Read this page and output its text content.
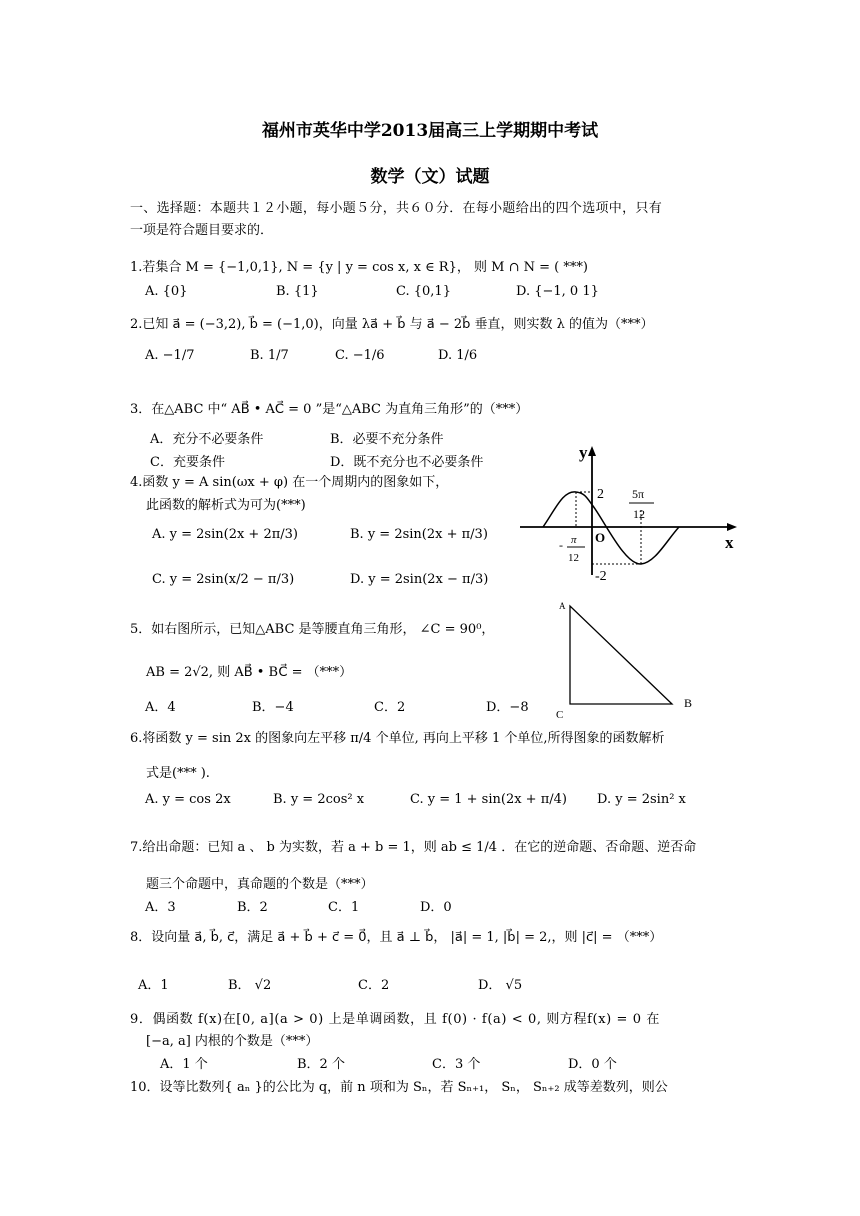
福州市英华中学2013届高三上学期期中考试
数学（文）试题
一、选择题：本题共１２小题，每小题５分，共６０分．在每小题给出的四个选项中，只有
一项是符合题目要求的．
1.若集合 M = {−1,0,1}, N = {y | y = cos x, x ∈ R}， 则 M ∩ N = ( ***)
A. {0}	B. {1}	C. {0,1}	D. {−1, 0 1}
2.已知 a⃗ = (−3,2), b⃗ = (−1,0)，向量 λa⃗ + b⃗ 与 a⃗ − 2b⃗ 垂直，则实数 λ 的值为（***）
A. −1/7	B. 1/7	C. −1/6	D. 1/6
3．在△ABC 中“ AB⃗ • AC⃗ = 0 ”是“△ABC 为直角三角形”的（***）
A．充分不必要条件	B．必要不充分条件
C．充要条件	D．既不充分也不必要条件
4.函数 y = A sin(ωx + φ) 在一个周期内的图象如下，
此函数的解析式为可为(***)
A. y = 2sin(2x + 2π/3)	B. y = 2sin(2x + π/3)
C. y = 2sin(x/2 − π/3)	D. y = 2sin(2x − π/3)
y
x
O
2
-2
5π
12
- π
12
5．如右图所示，已知△ABC 是等腰直角三角形， ∠C = 90⁰，
AB = 2√2, 则 AB⃗ • BC⃗ = （***）
A．4	B．−4	C．2	D．−8
A
B
C
6.将函数 y = sin 2x 的图象向左平移 π/4 个单位, 再向上平移 1 个单位,所得图象的函数解析
式是(*** ).
A. y = cos 2x	B. y = 2cos² x	C. y = 1 + sin(2x + π/4) D. y = 2sin² x
7.给出命题：已知 a 、 b 为实数，若 a + b = 1，则 ab ≤ 1/4 ．在它的逆命题、否命题、逆否命
题三个命题中，真命题的个数是（***）
A．3	B．2	C．1	D．0
8．设向量 a⃗, b⃗, c⃗，满足 a⃗ + b⃗ + c⃗ = 0⃗，且 a⃗ ⊥ b⃗， |a⃗| = 1, |b⃗| = 2,，则 |c⃗| = （***）
A．1	B． √2	C．2	D． √5
9．偶函数 f(x)在[0, a](a > 0) 上是单调函数，且 f(0) · f(a) < 0, 则方程f(x) = 0 在
[−a, a] 内根的个数是（***）
A．1 个	B．2 个	C．3 个	D．0 个
10．设等比数列{ aₙ }的公比为 q，前 n 项和为 Sₙ，若 Sₙ₊₁， Sₙ， Sₙ₊₂ 成等差数列，则公
